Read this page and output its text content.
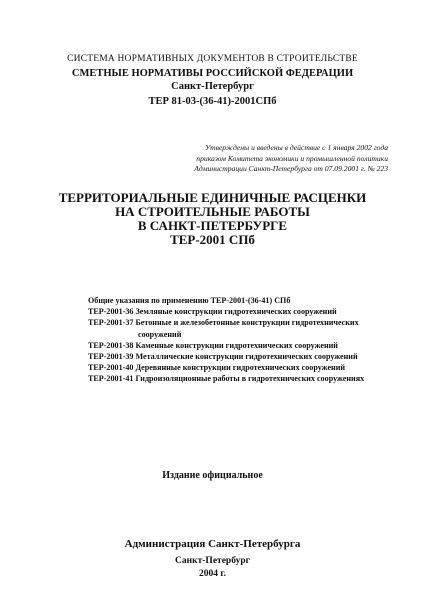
СИСТЕМА НОРМАТИВНЫХ ДОКУМЕНТОВ В СТРОИТЕЛЬСТВЕ
СМЕТНЫЕ НОРМАТИВЫ РОССИЙСКОЙ ФЕДЕРАЦИИ
Санкт-Петербург
ТЕР 81-03-(36-41)-2001СПб
Утверждены и введены в действие с 1 января 2002 года
приказом Комитета экономики и промышленной политики
Администрации Санкт-Петербурга от 07.09.2001 г. № 223
ТЕРРИТОРИАЛЬНЫЕ ЕДИНИЧНЫЕ РАСЦЕНКИ
НА СТРОИТЕЛЬНЫЕ РАБОТЫ
В САНКТ-ПЕТЕРБУРГЕ
ТЕР-2001 СПб
Общие указания по применению ТЕР-2001-(36-41) СПб
ТЕР-2001-36 Земляные конструкции гидротехнических сооружений
ТЕР-2001-37 Бетонные и железобетонные конструкции гидротехнических
сооружений
ТЕР-2001-38 Каменные конструкции гидротехнических сооружений
ТЕР-2001-39 Металлические конструкции гидротехнических сооружений
ТЕР-2001-40 Деревянные конструкции гидротехнических сооружений
ТЕР-2001-41 Гидроизоляционные работы в гидротехнических сооружениях
Издание официальное
Администрация Санкт-Петербурга
Санкт-Петербург
2004 г.
